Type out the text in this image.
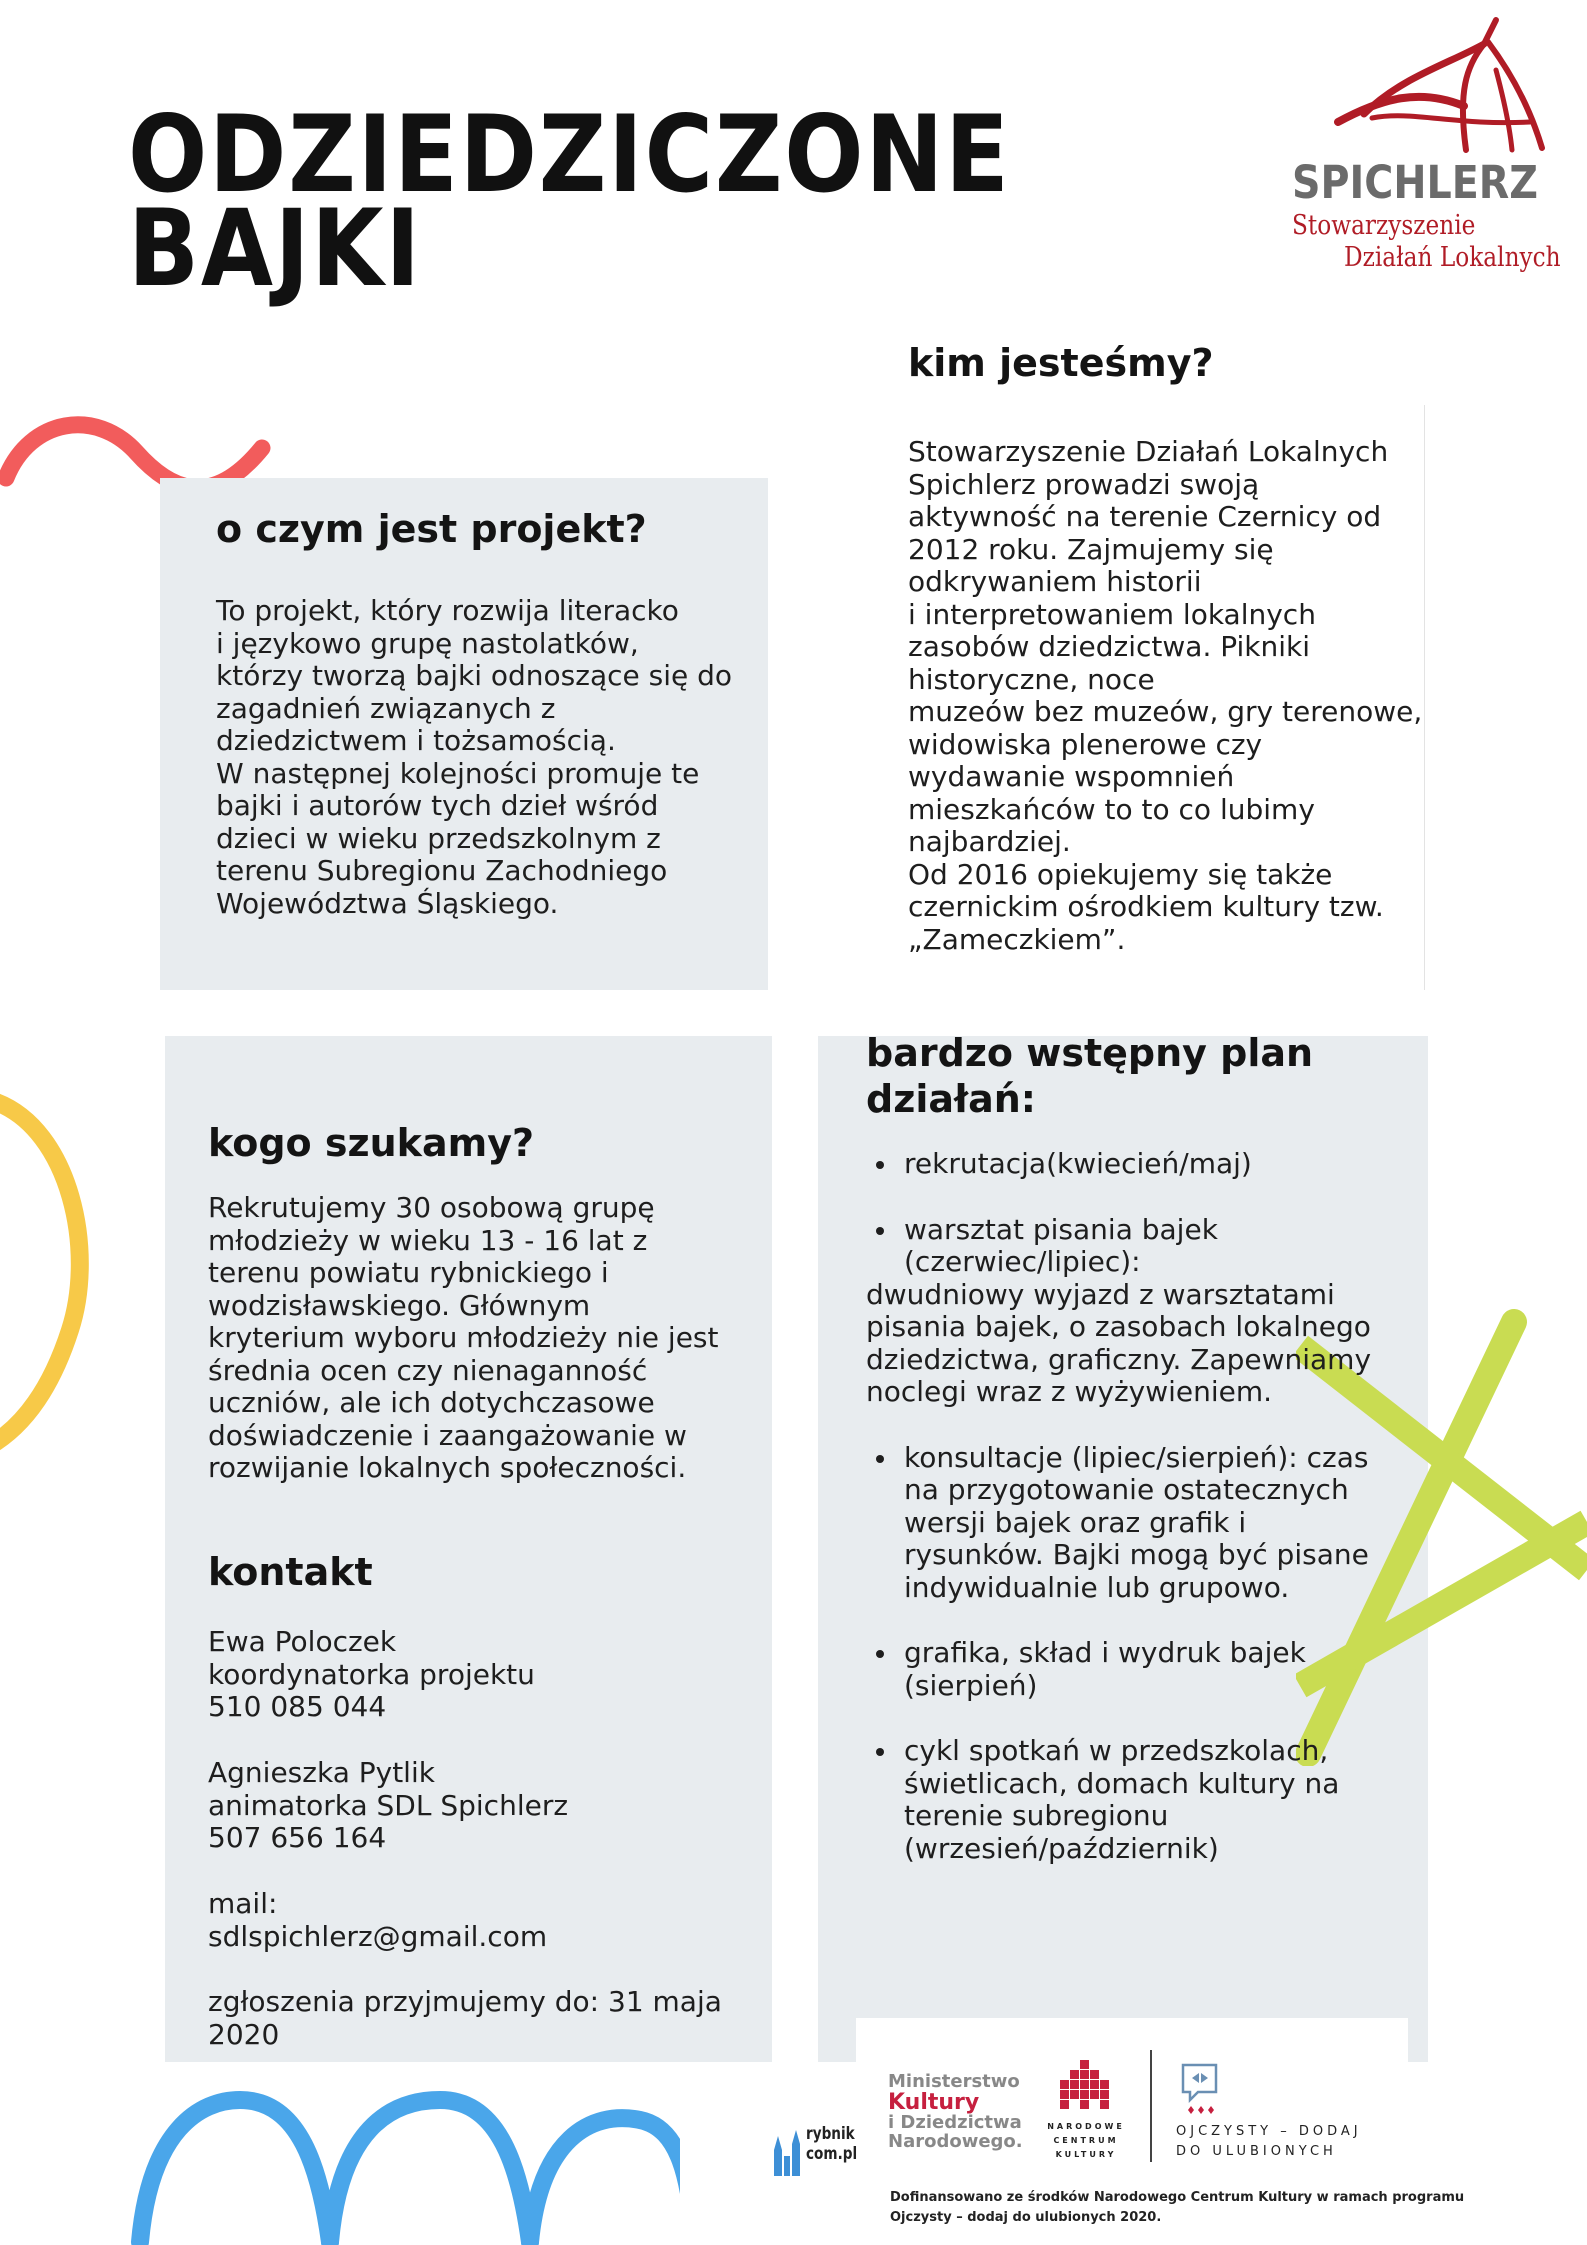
ODZIEDZICZONE
BAJKI
SPICHLERZ
Stowarzyszenie
Działań Lokalnych
o czym jest projekt?
To projekt, który rozwija literacko
i językowo grupę nastolatków,
którzy tworzą bajki odnoszące się do
zagadnień związanych z
dziedzictwem i tożsamością.
W następnej kolejności promuje te
bajki i autorów tych dzieł wśród
dzieci w wieku przedszkolnym z
terenu Subregionu Zachodniego
Województwa Śląskiego.
kim jesteśmy?
Stowarzyszenie Działań Lokalnych
Spichlerz prowadzi swoją
aktywność na terenie Czernicy od
2012 roku. Zajmujemy się
odkrywaniem historii
i interpretowaniem lokalnych
zasobów dziedzictwa. Pikniki
historyczne, noce
muzeów bez muzeów, gry terenowe,
widowiska plenerowe czy
wydawanie wspomnień
mieszkańców to to co lubimy
najbardziej.
Od 2016 opiekujemy się także
czernickim ośrodkiem kultury tzw.
„Zameczkiem”.
kogo szukamy?
Rekrutujemy 30 osobową grupę
młodzieży w wieku 13 - 16 lat z
terenu powiatu rybnickiego i
wodzisławskiego. Głównym
kryterium wyboru młodzieży nie jest
średnia ocen czy nienaganność
uczniów, ale ich dotychczasowe
doświadczenie i zaangażowanie w
rozwijanie lokalnych społeczności.
kontakt
Ewa Poloczek
koordynatorka projektu
510 085 044
Agnieszka Pytlik
animatorka SDL Spichlerz
507 656 164
mail:
sdlspichlerz@gmail.com
zgłoszenia przyjmujemy do: 31 maja
2020
bardzo wstępny plan
działań:
rekrutacja(kwiecień/maj)
warsztat pisania bajek
(czerwiec/lipiec):
dwudniowy wyjazd z warsztatami
pisania bajek, o zasobach lokalnego
dziedzictwa, graficzny. Zapewniamy
noclegi wraz z wyżywieniem.
konsultacje (lipiec/sierpień): czas
na przygotowanie ostatecznych
wersji bajek oraz grafik i
rysunków. Bajki mogą być pisane
indywidualnie lub grupowo.
grafika, skład i wydruk bajek
(sierpień)
cykl spotkań w przedszkolach,
świetlicach, domach kultury na
terenie subregionu
(wrzesień/październik)
rybnik
com.pl
Ministerstwo
Kultury
i Dziedzictwa
Narodowego.
NARODOWE
CENTRUM
KULTURY
OJCZYSTY – DODAJ
DO ULUBIONYCH
Dofinansowano ze środków Narodowego Centrum Kultury w ramach programu
Ojczysty – dodaj do ulubionych 2020.
